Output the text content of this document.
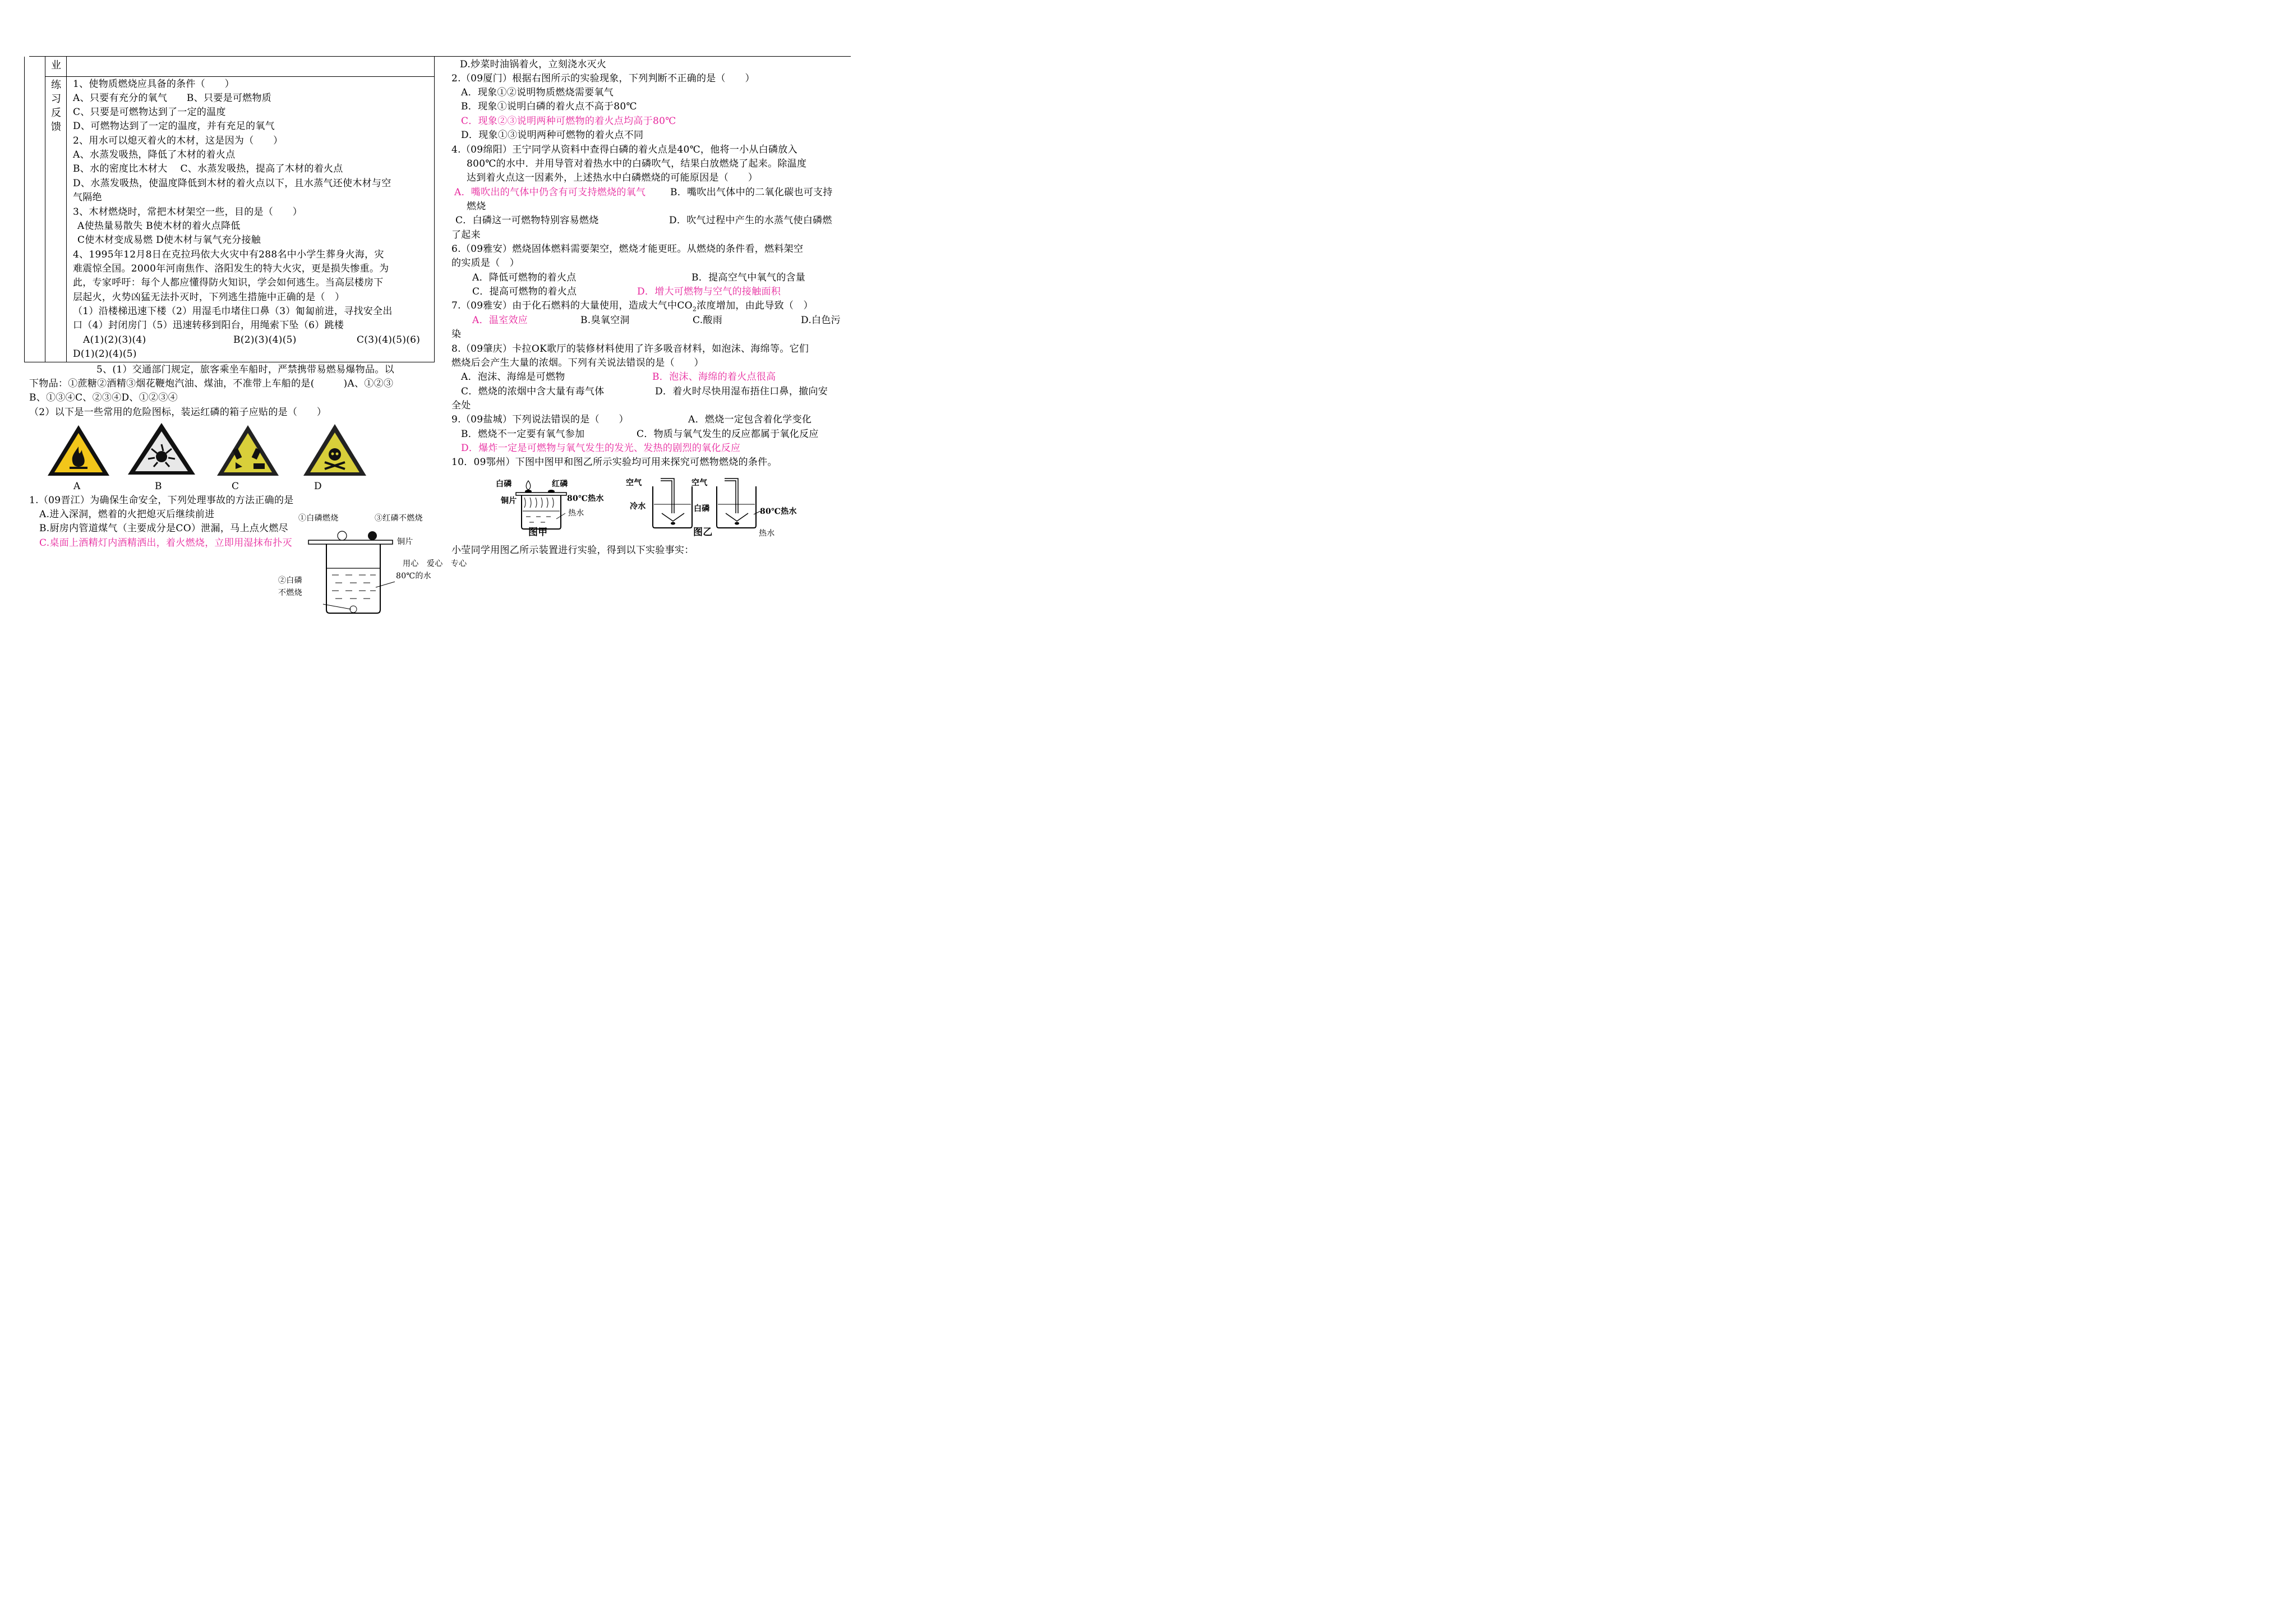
业
练
习
反
馈
1、使物质燃烧应具备的条件（　　）
A、只要有充分的氧气　　B、只要是可燃物质
C、只要是可燃物达到了一定的温度
D、可燃物达到了一定的温度，并有充足的氧气
2、用水可以熄灭着火的木材，这是因为（　　）
A、水蒸发吸热，降低了木材的着火点
B、水的密度比木材大　 C、水蒸发吸热，提高了木材的着火点
D、水蒸发吸热，使温度降低到木材的着火点以下，且水蒸气还使木材与空
气隔绝
3、木材燃烧时，常把木材架空一些，目的是（　　）
A使热量易散失 B使木材的着火点降低
C使木材变成易燃 D使木材与氧气充分接触
4、1995年12月8日在克拉玛依大火灾中有288名中小学生葬身火海，灾
难震惊全国。2000年河南焦作、洛阳发生的特大火灾，更是损失惨重。为
此，专家呼吁：每个人都应懂得防火知识，学会如何逃生。当高层楼房下
层起火，火势凶猛无法扑灭时，下列逃生措施中正确的是（　）
（1）沿楼梯迅速下楼（2）用湿毛巾堵住口鼻（3）匍匐前进，寻找安全出
口（4）封闭房门（5）迅速转移到阳台，用绳索下坠（6）跳楼
A(1)(2)(3)(4)	B(2)(3)(4)(5)	C(3)(4)(5)(6)
D(1)(2)(4)(5)
5、(1）交通部门规定，旅客乘坐车船时，严禁携带易燃易爆物品。以
下物品：①蔗糖②酒精③烟花鞭炮汽油、煤油，不准带上车船的是(　　　)A、①②③
B、①③④C、②③④D、①②③④
（2）以下是一些常用的危险图标，装运红磷的箱子应贴的是（　　）
A	B	C	D
1.（09晋江）为确保生命安全，下列处理事故的方法正确的是
A.进入深洞，燃着的火把熄灭后继续前进
B.厨房内管道煤气（主要成分是CO）泄漏，马上点火燃尽
C.桌面上酒精灯内酒精洒出，着火燃烧，立即用湿抹布扑灭
①白磷燃烧	③红磷不燃烧
铜片
用心　爱心　专心
80℃的水
②白磷
不燃烧
D.炒菜时油锅着火，立刻浇水灭火
2.（09厦门）根据右图所示的实验现象，下列判断不正确的是（　　）
A．现象①②说明物质燃烧需要氧气
B．现象①说明白磷的着火点不高于80℃
C．现象②③说明两种可燃物的着火点均高于80℃
D．现象①③说明两种可燃物的着火点不同
4.（09绵阳）王宁同学从资料中查得白磷的着火点是40℃，他将一小从白磷放入
800℃的水中．并用导管对着热水中的白磷吹气，结果白放燃烧了起来。除温度
达到着火点这一因素外，上述热水中白磷燃烧的可能原因是（　　）
A．嘴吹出的气体中仍含有可支持燃烧的氧气	B．嘴吹出气体中的二氧化碳也可支持
燃烧
C．白磷这一可燃物特别容易燃烧	D．吹气过程中产生的水蒸气使白磷燃
了起来
6.（09雅安）燃烧固体燃料需要架空，燃烧才能更旺。从燃烧的条件看，燃料架空
的实质是（　）
A．降低可燃物的着火点	B．提高空气中氧气的含量
C．提高可燃物的着火点	D．增大可燃物与空气的接触面积
7.（09雅安）由于化石燃料的大量使用，造成大气中$CO_2$浓度增加，由此导致（　）
A．温室效应	B.臭氧空洞	C.酸雨	D.白色污
染
8.（09肇庆）卡拉OK歌厅的装修材料使用了许多吸音材料，如泡沫、海绵等。它们
燃烧后会产生大量的浓烟。下列有关说法错误的是（　　）
A．泡沫、海绵是可燃物	B．泡沫、海绵的着火点很高
C．燃烧的浓烟中含大量有毒气体	D．着火时尽快用湿布捂住口鼻，撤向安
全处
9.（09盐城）下列说法错误的是（　　）	A．燃烧一定包含着化学变化
B．燃烧不一定要有氧气参加	C．物质与氧气发生的反应都属于氧化反应
D．爆炸一定是可燃物与氧气发生的发光、发热的剧烈的氧化反应
10．09鄂州）下图中图甲和图乙所示实验均可用来探究可燃物燃烧的条件。
白磷	红磷
铜片	80℃热水
热水
图甲
空气	空气
冷水	白磷	80℃热水
图乙	热水
小莹同学用图乙所示装置进行实验，得到以下实验事实：
